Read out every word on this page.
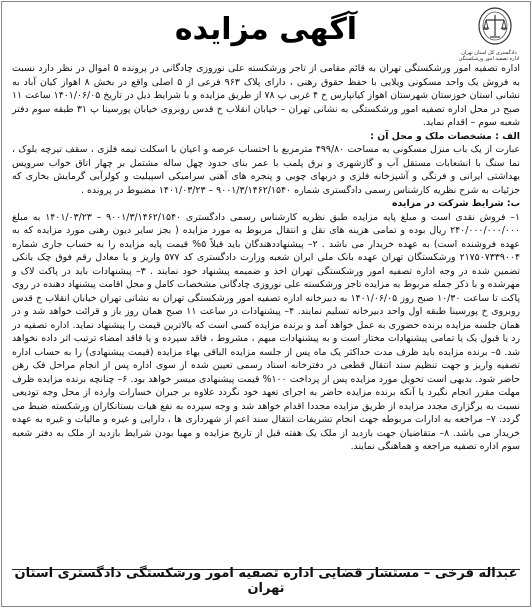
آگهی مزایده
دادگستری کل استان تهران
اداره تصفیه امور ورشکستگی

اداره تصفیه امور ورشکستگی تهران به قائم مقامی از تاجر ورشکسته علی نوروزی چادگانی در پرونده ۵ اموال در نظر دارد نسبت به فروش یک واحد مسکونی ویلایی با حفظ حقوق رهنی ، دارای پلاک ۹۶۳ فرعی از ۵ اصلی واقع در بخش ۸ اهواز کیان آباد به نشانی استان خوزستان شهرستان اهواز کیانپارس خ ۴ غربی پ ۷۸ از طریق مزایده و با شرایط ذیل در تاریخ ۱۴۰۱/۰۶/۰۵ ساعت ۱۱ صبح در محل اداره تصفیه امور ورشکستگی به نشانی تهران – خیابان انقلاب خ قدس روبروی خیابان پورسینا پ ۳۱ طبقه سوم دفتر شعبه سوم – اقدام نماید.

الف : مشخصات ملک و محل آن :

عبارت از یک باب منزل مسکونی به مساحت ۴۹۹/۸۰ مترمربع با احتساب عرصه و اعیان با اسکلت نیمه فلزی ، سقف تیرچه بلوک ، نما سنگ با انشعابات مستقل آب و گازشهری و برق پلمب با عمر بنای حدود چهل ساله مشتمل بر چهار اتاق خواب سرویس بهداشتی ایرانی و فرنگی و آشپزخانه فلزی و دربهای چوبی و پنجره های آهنی سرامیکی اسپیلیت و کولرآبی گرمایش بخاری که جزئیات به شرح نظریه کارشناس رسمی دادگستری شماره ۹۰۰۱/۳/۱۴۶۲/۱۵۴۰ – ۱۴۰۱/۰۳/۲۳ مضبوط در پرونده .

ب: شرایط شرکت در مزایده

۱– فروش نقدی است و مبلغ پایه مزایده طبق نظریه کارشناس رسمی دادگستری ۹۰۰۱/۳/۱۴۶۲/۱۵۴۰ – ۱۴۰۱/۰۳/۲۳ به مبلغ ۲۴۰/۰۰۰/۰۰۰/۰۰۰ ریال بوده و تمامی هزینه های نقل و انتقال مربوط به مورد مزایده ( بجز سایر دیون رهنی مورد مزایده که به عهده فروشنده است) به عهده خریدار می باشد . ۲– پیشنهاددهندگان باید قبلاً ۵% قیمت پایه مزایده را به حساب جاری شماره ۲۱۷۵۰۷۳۳۹۰۰۴ ورشکستگان تهران عهده بانک ملی ایران شعبه وزارت دادگستری کد ۵۷۷ واریز و یا معادل رقم فوق چک بانکی تضمین شده در وجه اداره تصفیه امور ورشکستگی تهران اخذ و ضمیمه پیشنهاد خود نمایند . ۳– پیشنهادات باید در پاکت لاک و مهرشده و با ذکر جمله مربوط به مزایده تاجر ورشکسته علی نوروزی چادگانی مشخصات کامل و محل اقامت پیشنهاد دهنده در روی پاکت تا ساعت ۱۰/۳۰ صبح روز ۱۴۰۱/۰۶/۰۵ به دبیرخانه اداره تصفیه امور ورشکستگی تهران به نشانی تهران خیابان انقلاب خ قدس روبروی خ پورسینا طبقه اول واحد دبیرخانه تسلیم نمایند. ۴– پیشنهادات در ساعت ۱۱ صبح همان روز باز و قرائت خواهد شد و در همان جلسه مزایده برنده حضوری به عمل خواهد آمد و برنده مزایده کسی است که بالاترین قیمت را پیشنهاد نماید. اداره تصفیه در رد یا قبول یک یا تمامی پیشنهادات مختار است و به پیشنهادات مبهم ، مشروط ، فاقد سپرده و یا فاقد امضاء ترتیب اثر داده نخواهد شد. ۵– برنده مزایده باید ظرف مدت حداکثر یک ماه پس از جلسه مزایده الباقی بهاء مزایده (قیمت پیشنهادی) را به حساب اداره تصفیه واریز و جهت تنظیم سند انتقال قطعی در دفترخانه اسناد رسمی تعیین شده از سوی اداره پس از انجام مراحل فک رهن حاضر شود. بدیهی است تحویل مورد مزایده پس از پرداخت ۱۰۰% قیمت پیشنهادی میسر خواهد بود. ۶– چنانچه برنده مزایده ظرف مهلت مقرر انجام نگیرد یا آنکه برنده مزایده حاضر به اجرای تعهد خود نگردد علاوه بر جبران خسارات وارده از محل وجه تودیعی نسبت به برگزاری مجدد مزایده از طریق مزایده مجددا اقدام خواهد شد و وجه سپرده به نفع هیات بستانکاران ورشکسته ضبط می گردد. ۷– مراجعه به ادارات مربوطه جهت انجام تشریفات انتقال سند اعم از شهرداری ها ، دارایی و غیره و مالیات و غیره به عهده خریدار می باشد. ۸– متقاضیان جهت بازدید از ملک یک هفته قبل از تاریخ مزایده و مهیا بودن شرایط بازدید از ملک به دفتر شعبه سوم اداره تصفیه مراجعه و هماهنگی نمایند.

عبداله فرخی – مستشار قضایی اداره تصفیه امور ورشکستگی دادگستری استان تهران
